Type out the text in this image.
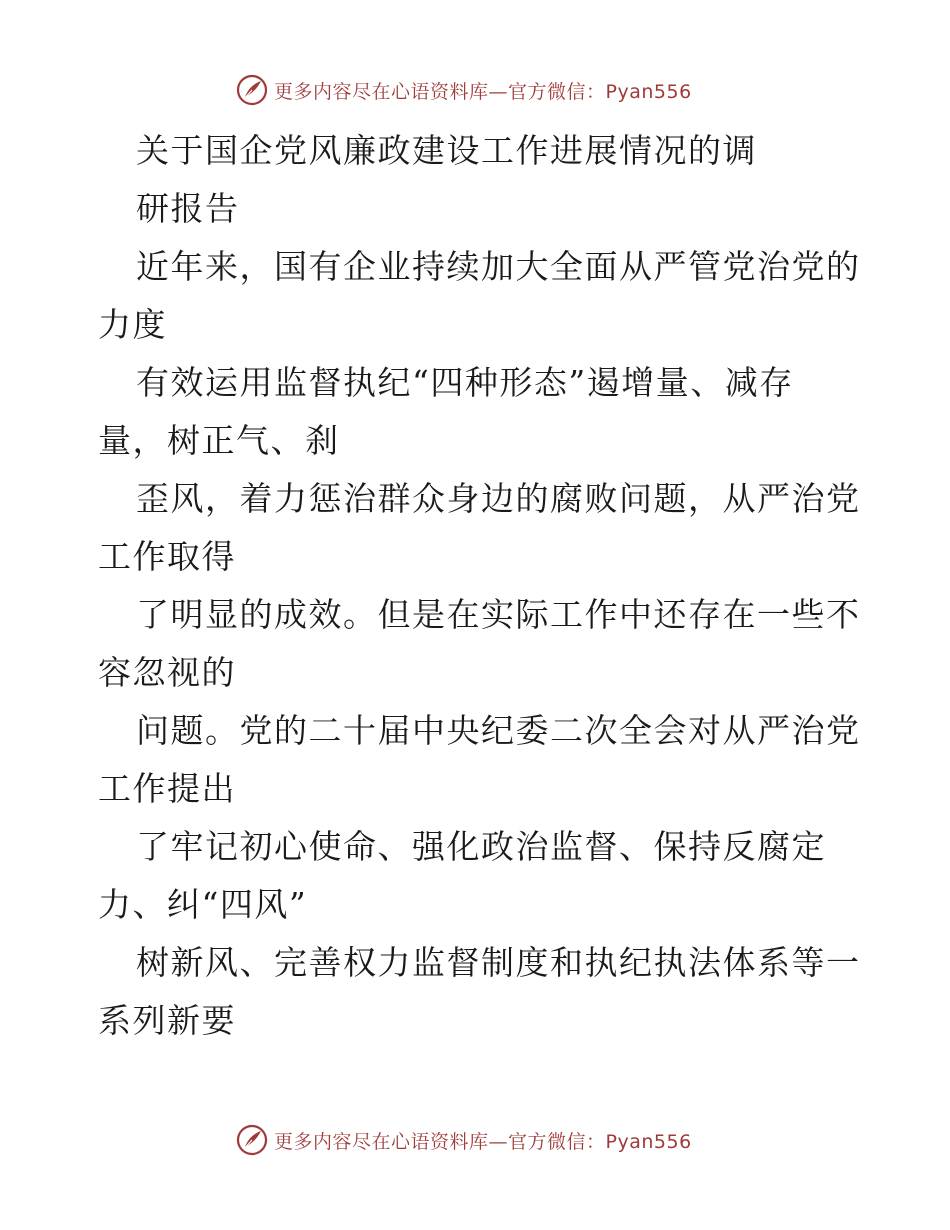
更多内容尽在心语资料库—官方微信：Pyan556
关于国企党风廉政建设工作进展情况的调
研报告
近年来，国有企业持续加大全面从严管党治党的
力度
有效运用监督执纪“四种形态”遏增量、减存
量，树正气、刹
歪风，着力惩治群众身边的腐败问题，从严治党
工作取得
了明显的成效。但是在实际工作中还存在一些不
容忽视的
问题。党的二十届中央纪委二次全会对从严治党
工作提出
了牢记初心使命、强化政治监督、保持反腐定
力、纠“四风”
树新风、完善权力监督制度和执纪执法体系等一
系列新要
更多内容尽在心语资料库—官方微信：Pyan556
